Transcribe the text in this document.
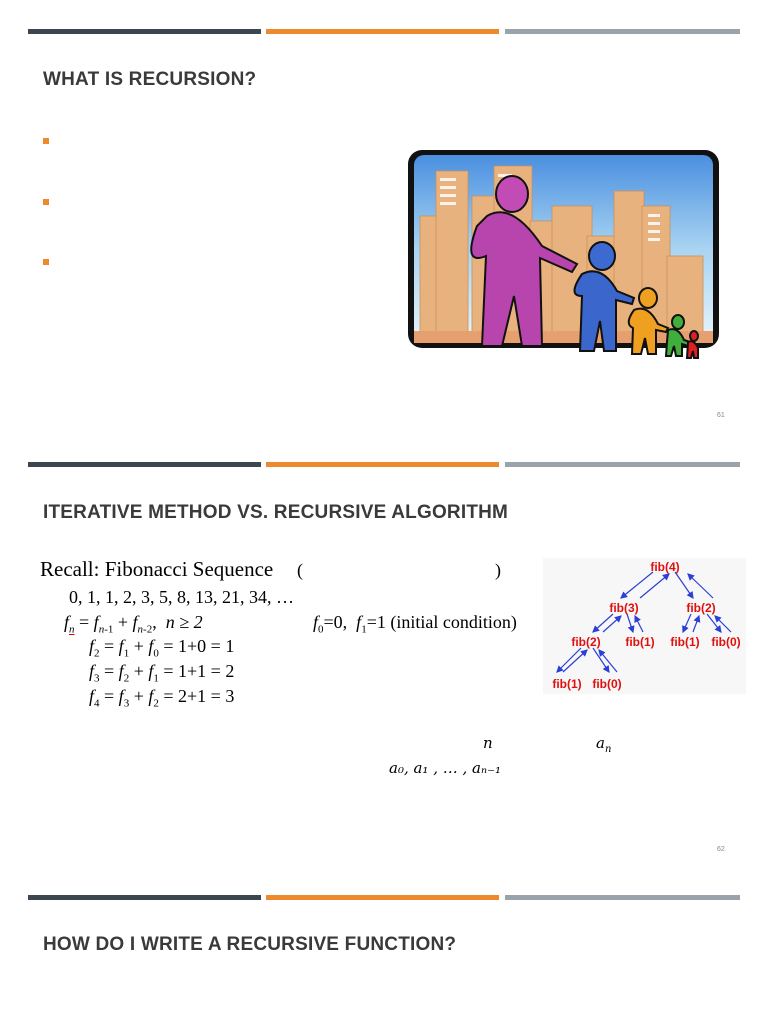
WHAT IS RECURSION?
61
ITERATIVE METHOD VS. RECURSIVE ALGORITHM
Recall: Fibonacci Sequence (	)
0, 1, 1, 2, 3, 5, 8, 13, 21, 34, …
$f_n = f_{n-1} + f_{n-2}$,  n ≥ 2	$f_0=0$,  $f_1=1$ (initial condition)
$f_2 = f_1 + f_0 = 1+0 = 1$
$f_3 = f_2 + f_1 = 1+1 = 2$
$f_4 = f_3 + f_2 = 2+1 = 3$
fib(4)
fib(3)	fib(2)
fib(2) fib(1) fib(1) fib(0)
fib(1) fib(0)
n	$a_n$
a₀, a₁ , … , aₙ₋₁
62
HOW DO I WRITE A RECURSIVE FUNCTION?
